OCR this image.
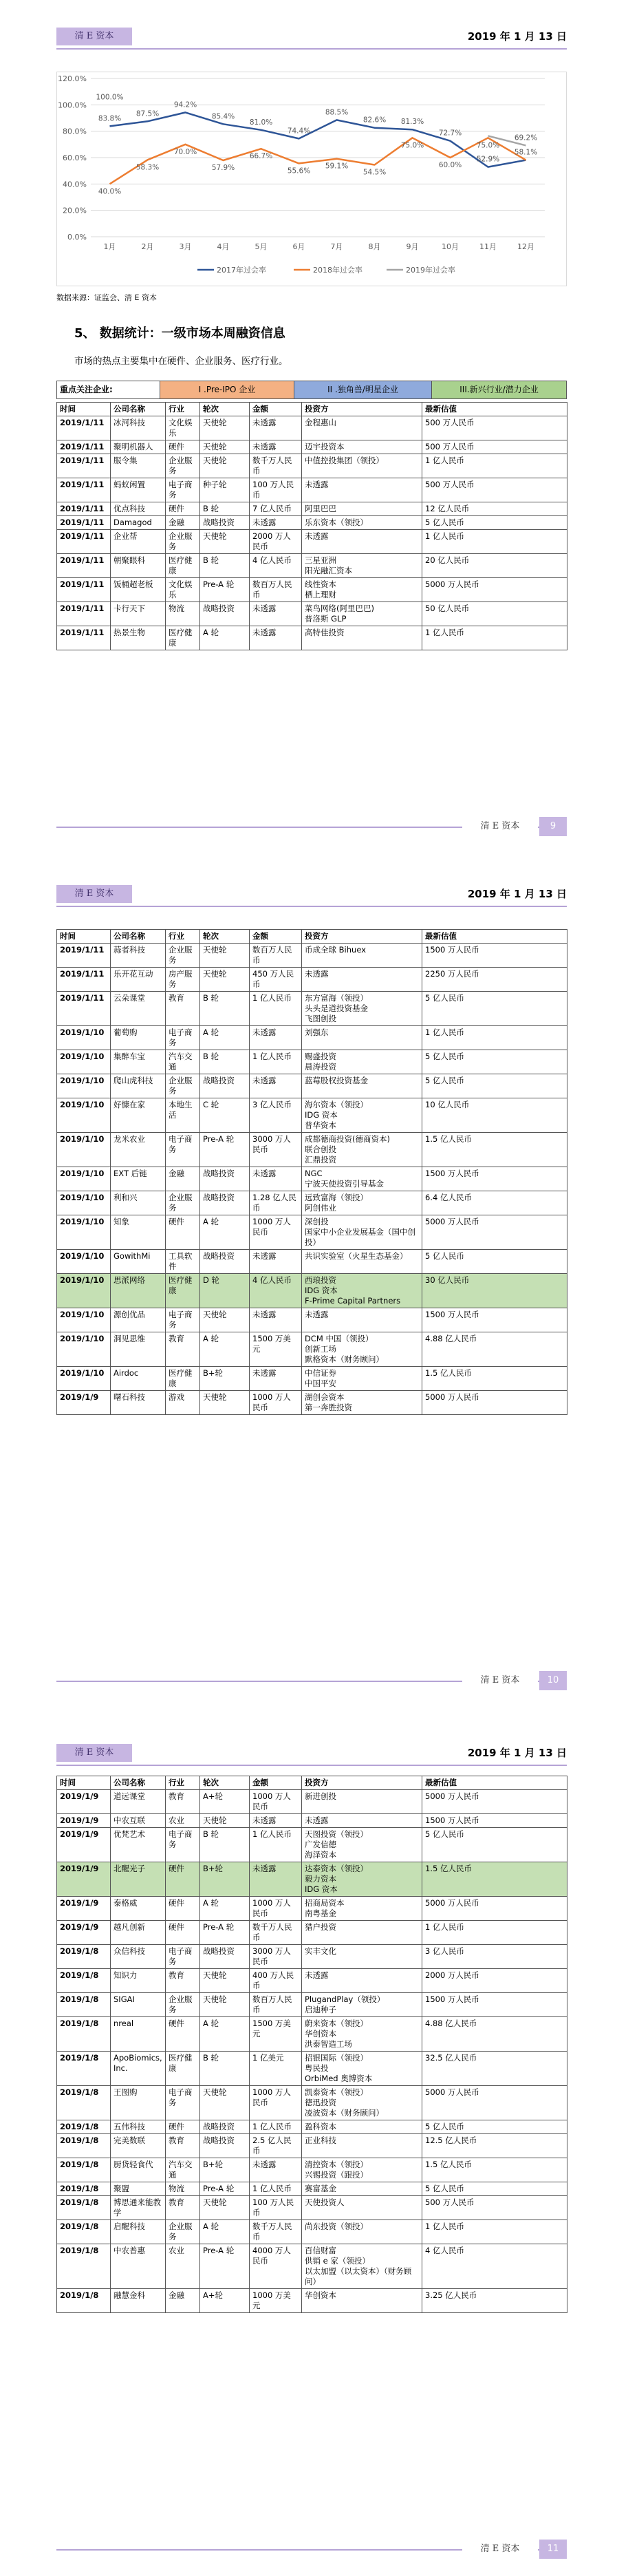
清 E 资本	2019 年 1 月 13 日
0.0%
20.0%
40.0%
60.0%
80.0%
100.0%
120.0%
1月	2月	3月	4月	5月	6月	7月	8月	9月	10月	11月	12月
83.8%
87.5%
94.2%
85.4%
81.0%
74.4%
88.5%
82.6% 81.3%
72.7%
52.9%
58.1%
40.0%
58.3%
70.0%
57.9%
66.7%
55.6%
59.1%
54.5%
75.0%
60.0%
75.0%
100.0%
69.2%
2017年过会率	2018年过会率	2019年过会率
数据来源：证监会、清 E 资本
5、 数据统计：一级市场本周融资信息
市场的热点主要集中在硬件、企业服务、医疗行业。
重点关注企业:	I .Pre-IPO 企业	II .独角兽/明星企业	III.新兴行业/潜力企业
时间	公司名称	行业	轮次	金额	投资方	最新估值
2019/1/11	冰河科技	文化娱乐	天使轮	未透露	金程惠山	500 万人民币
2019/1/11	聚明机器人	硬件	天使轮	未透露	迈宇投资本	500 万人民币
2019/1/11	服令集	企业服务	天使轮	数千万人民币	中值控投集团（领投）	1 亿人民币
2019/1/11	蚂蚁闲置	电子商务	种子轮	100 万人民币	未透露	500 万人民币
2019/1/11	优点科技	硬件	B 轮	7 亿人民币	阿里巴巴	12 亿人民币
2019/1/11	Damagod	金融	战略投资	未透露	乐东资本（领投）	5 亿人民币
2019/1/11	企业帮	企业服务	天使轮	2000 万人民币	未透露	1 亿人民币
2019/1/11	朝聚眼科	医疗健康	B 轮	4 亿人民币	三星亚洲
阳光融汇资本	20 亿人民币
2019/1/11	饭桶超老板	文化娱乐	Pre-A 轮	数百万人民币	线性资本
栖上理财	5000 万人民币
2019/1/11	卡行天下	物流	战略投资	未透露	菜鸟网络(阿里巴巴)
普洛斯 GLP	50 亿人民币
2019/1/11	热景生物	医疗健康	A 轮	未透露	高特佳投资	1 亿人民币
清 E 资本	9
清 E 资本	2019 年 1 月 13 日
时间	公司名称	行业	轮次	金额	投资方	最新估值
2019/1/11	蒜者科技	企业服务	天使轮	数百万人民币	币成全球 Bihuex	1500 万人民币
2019/1/11	乐开花互动	房产服务	天使轮	450 万人民币	未透露	2250 万人民币
2019/1/11	云朵课堂	教育	B 轮	1 亿人民币	东方富海（领投）
头头是道投资基金
飞图创投	5 亿人民币
2019/1/10	葡萄购	电子商务	A 轮	未透露	刘强东	1 亿人民币
2019/1/10	集醉车宝	汽车交通	B 轮	1 亿人民币	赐盛投资
晨涛投资	5 亿人民币
2019/1/10	爬山虎科技	企业服务	战略投资	未透露	蓝莓股权投资基金	5 亿人民币
2019/1/10	好慷在家	本地生活	C 轮	3 亿人民币	海尔资本（领投）
IDG 资本
普华资本	10 亿人民币
2019/1/10	龙米农业	电子商务	Pre-A 轮	3000 万人民币	成都德商投资(德商资本)
联合创投
汇鼎投资	1.5 亿人民币
2019/1/10	EXT 后链	金融	战略投资	未透露	NGC
宁波天使投资引导基金	1500 万人民币
2019/1/10	利和兴	企业服务	战略投资	1.28 亿人民币	远致富海（领投）
阿创伟业	6.4 亿人民币
2019/1/10	知象	硬件	A 轮	1000 万人民币	深创投
国家中小企业发展基金（国中创投）	5000 万人民币
2019/1/10	GowithMi	工具软件	战略投资	未透露	共识实验室（火星生态基金）	5 亿人民币
2019/1/10	思派网络	医疗健康	D 轮	4 亿人民币	西琅投资
IDG 资本
F-Prime Capital Partners	30 亿人民币
2019/1/10	源创优品	电子商务	天使轮	未透露	未透露	1500 万人民币
2019/1/10	洞见思维	教育	A 轮	1500 万美元	DCM 中国（领投）
创新工场
默格资本（财务顾问）	4.88 亿人民币
2019/1/10	Airdoc	医疗健康	B+轮	未透露	中信证券
中国平安	1.5 亿人民币
2019/1/9	曙石科技	游戏	天使轮	1000 万人民币	湖创会资本
第一奔胜投资	5000 万人民币
清 E 资本	10
清 E 资本	2019 年 1 月 13 日
时间	公司名称	行业	轮次	金额	投资方	最新估值
2019/1/9	道远课堂	教育	A+轮	1000 万人民币	新进创投	5000 万人民币
2019/1/9	中农互联	农业	天使轮	未透露	未透露	1500 万人民币
2019/1/9	优梵艺术	电子商务	B 轮	1 亿人民币	天图投资（领投）
广发信德
海泽资本	5 亿人民币
2019/1/9	北醒光子	硬件	B+轮	未透露	达泰资本（领投）
毅力资本
IDG 资本	1.5 亿人民币
2019/1/9	泰格威	硬件	A 轮	1000 万人民币	招商局资本
南粤基金	5000 万人民币
2019/1/9	越凡创新	硬件	Pre-A 轮	数千万人民币	猎户投资	1 亿人民币
2019/1/8	众信科技	电子商务	战略投资	3000 万人民币	实丰文化	3 亿人民币
2019/1/8	知识力	教育	天使轮	400 万人民币	未透露	2000 万人民币
2019/1/8	SIGAI	企业服务	天使轮	数百万人民币	PlugandPlay（领投）
启迪种子	1500 万人民币
2019/1/8	nreal	硬件	A 轮	1500 万美元	蔚来资本（领投）
华创资本
洪泰智造工场	4.88 亿人民币
2019/1/8	ApoBiomics, Inc.	医疗健康	B 轮	1 亿美元	招银国际（领投）
粤民投
OrbiMed 奥博资本	32.5 亿人民币
2019/1/8	王图购	电子商务	天使轮	1000 万人民币	凯泰资本（领投）
德迅投资
凌波资本（财务顾问）	5000 万人民币
2019/1/8	五伟科技	硬件	战略投资	1 亿人民币	盈科资本	5 亿人民币
2019/1/8	完美数联	教育	战略投资	2.5 亿人民币	正业科技	12.5 亿人民币
2019/1/8	厨货轻食代	汽车交通	B+轮	未透露	清控资本（领投）
兴锡投资（跟投）	1.5 亿人民币
2019/1/8	聚盟	物流	Pre-A 轮	1 亿人民币	赛富基金	5 亿人民币
2019/1/8	博思通来能教学	教育	天使轮	100 万人民币	天使投资人	500 万人民币
2019/1/8	启醒科技	企业服务	A 轮	数千万人民币	尚东投资（领投）	1 亿人民币
2019/1/8	中农普惠	农业	Pre-A 轮	4000 万人民币	百信财富
供销 e 家（领投）
以太加盟（以太资本）（财务顾问）	4 亿人民币
2019/1/8	融慧金科	金融	A+轮	1000 万美元	华创资本	3.25 亿人民币
清 E 资本	11
